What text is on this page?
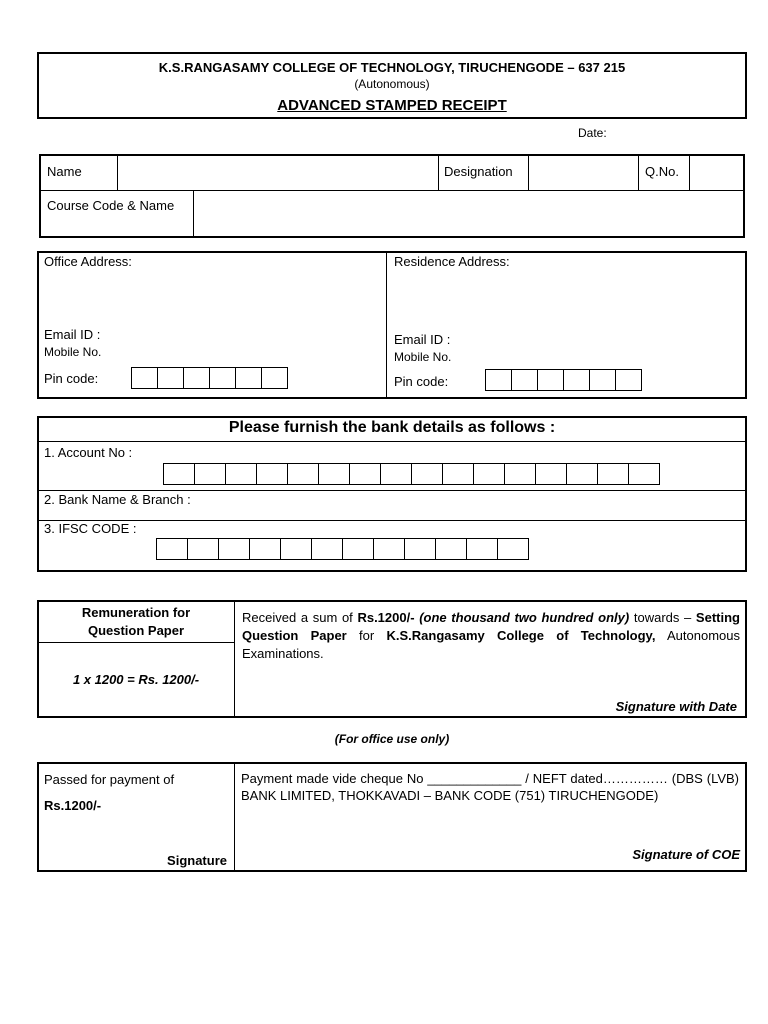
K.S.RANGASAMY COLLEGE OF TECHNOLOGY, TIRUCHENGODE – 637 215
(Autonomous)
ADVANCED STAMPED RECEIPT
Date:
Name	Designation	Q.No.
Course Code & Name
Office Address:
Email ID :
Mobile No.
Pin code:
Residence Address:
Email ID :
Mobile No.
Pin code:
Please furnish the bank details as follows :
1. Account No :
2. Bank Name & Branch :
3. IFSC CODE :
Remuneration for
Question Paper
1 x 1200 = Rs. 1200/-
Received a sum of Rs.1200/- (one thousand two hundred only) towards – Setting Question Paper for K.S.Rangasamy College of Technology, Autonomous Examinations.
Signature with Date
(For office use only)
Passed for payment of
Rs.1200/-
Signature
Payment made vide cheque No _____________ / NEFT dated…………… (DBS (LVB) BANK LIMITED, THOKKAVADI – BANK CODE (751) TIRUCHENGODE)
Signature of COE
